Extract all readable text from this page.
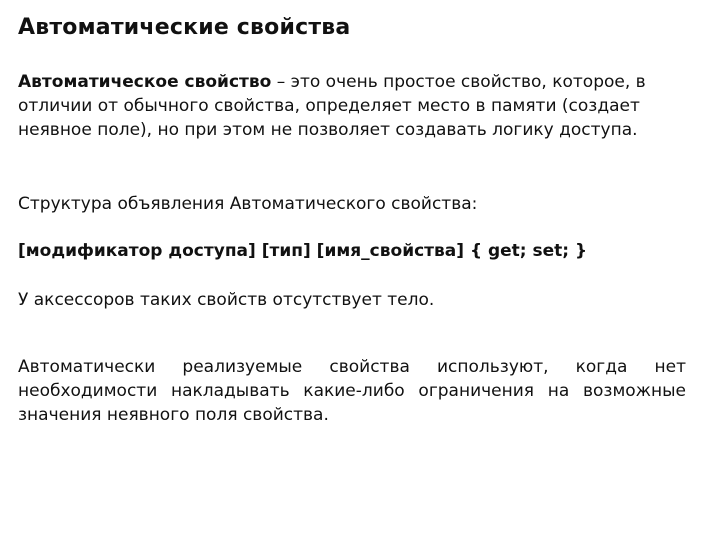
Автоматические свойства
Автоматическое свойство – это очень простое свойство, которое, в отличии от обычного свойства, определяет место в памяти (создает неявное поле), но при этом не позволяет создавать логику доступа.
Структура объявления Автоматического свойства:
[модификатор доступа] [тип] [имя_свойства] { get; set; }
У аксессоров таких свойств отсутствует тело.
Автоматически реализуемые свойства используют, когда нет необходимости накладывать какие-либо ограничения на возможные значения неявного поля свойства.
